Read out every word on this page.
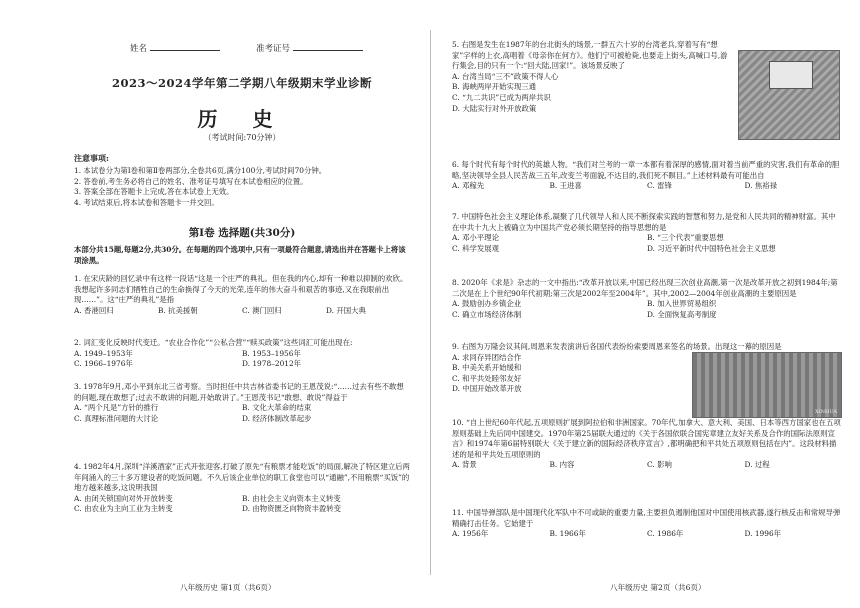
姓名	准考证号
2023～2024学年第二学期八年级期末学业诊断
历 史
（考试时间:70分钟）
注意事项:

1. 本试卷分为第Ⅰ卷和第Ⅱ卷两部分,全卷共6页,满分100分,考试时间70分钟。

2. 答卷前,考生务必将自己的姓名、准考证号填写在本试卷相应的位置。

3. 答案全部在答题卡上完成,答在本试卷上无效。

4. 考试结束后,将本试卷和答题卡一并交回。

第Ⅰ卷 选择题(共30分)

本部分共15题,每题2分,共30分。在每题的四个选项中,只有一项最符合题意,请选出并在答题卡上将该项涂黑。

1. 在宋庆龄的回忆录中有这样一段话“这是一个庄严的典礼。但在我的内心,却有一种难以抑制的欢欣。我想起许多同志们牺牲自己的生命换得了今天的光荣,连年的伟大奋斗和艰苦的事迹,又在我眼前出现……”。这“庄严的典礼”是指

A. 香港回归	B. 抗美援朝	C. 澳门回归	D. 开国大典

2. 词汇变化反映时代变迁。“农业合作化”“公私合营”“赎买政策”这些词汇可能出现在:

A. 1949–1953年	B. 1953–1956年
C. 1966–1976年	D. 1978–2012年

3. 1978年9月,邓小平到东北三省考察。当时担任中共吉林省委书记的王恩茂说:“……过去有些不敢想的问题,现在敢想了;过去不敢讲的问题,开始敢讲了。”王恩茂书记“敢想、敢说”得益于

A. “两个凡是”方针的推行	B. 文化大革命的结束
C. 真理标准问题的大讨论	D. 经济体制改革起步

4. 1982年4月,深圳“洋溪酒家”正式开张迎客,打破了原先“有粮票才能吃饭”的局面,解决了特区建立后两年间涌入的三十多万建设者的吃饭问题。不久后该企业单位的职工食堂也可以“通融”,不用粮票“买饭”的地方越来越多,这说明我国

A. 由闭关锁国向对外开放转变	B. 由社会主义向资本主义转变
C. 由农业为主向工业为主转变	D. 由物资匮乏向物资丰盈转变
八年级历史 第1页（共6页）

5. 右图是发生在1987年的台北街头的场景,一群五六十岁的台湾老兵,穿着写有“想家”字样的上衣,高唱着《母亲你在何方》。他们宁可被枪毙,也要走上街头,高喊口号,游行集会,目的只有一个:“回大陆,回家!”。该场景反映了

A. 台湾当局“三不”政策不得人心

B. 海峡两岸开始实现三通

C. “九二共识”已成为两岸共识

D. 大陆实行对外开放政策

6. 每个时代有每个时代的英雄人物。“我们对兰考的一章一本都有着深厚的感情,面对着当前严重的灾害,我们有革命的胆略,坚决领导全县人民苦战三五年,改变兰考面貌,不达目的,我们死不瞑目。”上述材料最有可能出自

A. 邓稼先	B. 王进喜	C. 雷锋	D. 焦裕禄

7. 中国特色社会主义理论体系,凝聚了几代领导人和人民不断探索实践的智慧和努力,是党和人民共同的精神财富。其中在中共十九大上被确立为中国共产党必须长期坚持的指导思想的是

A. 邓小平理论	B. “三个代表”重要思想
C. 科学发展观	D. 习近平新时代中国特色社会主义思想

8. 2020年《求是》杂志的一文中指出:“改革开放以来,中国已经出现三次创业高潮,第一次是改革开放之初到1984年;第二次是在上个世纪90年代初期;第三次是2002年至2004年”。其中,2002—2004年创业高潮的主要原因是

A. 鼓励创办乡镇企业	B. 加入世界贸易组织
C. 确立市场经济体制	D. 全面恢复高考制度
XINHUA

9. 右图为万隆会议其间,周恩来发表演讲后各国代表纷纷索要周恩来签名的场景。出现这一幕的原因是

A. 求同存异团结合作

B. 中美关系开始缓和

C. 和平共处睦邻友好

D. 中国开始改革开放

10. “自上世纪60年代起,五项原则扩展到阿拉伯和非洲国家。70年代,加拿大、意大利、美国、日本等西方国家也在五项原则基础上先后同中国建交。1970年第25届联大通过的《关于各国依联合国宪章建立友好关系及合作的国际法原则宣言》和1974年第6届特别联大《关于建立新的国际经济秩序宣言》,都明确把和平共处五项原则包括在内”。这段材料描述的是和平共处五项原则的

A. 背景	B. 内容	C. 影响	D. 过程

11. 中国导弹部队是中国现代化军队中不可或缺的重要力量,主要担负遏制他国对中国使用核武器,遂行核反击和常规导弹精确打击任务。它始建于

A. 1956年	B. 1966年	C. 1986年	D. 1996年
八年级历史 第2页（共6页）
